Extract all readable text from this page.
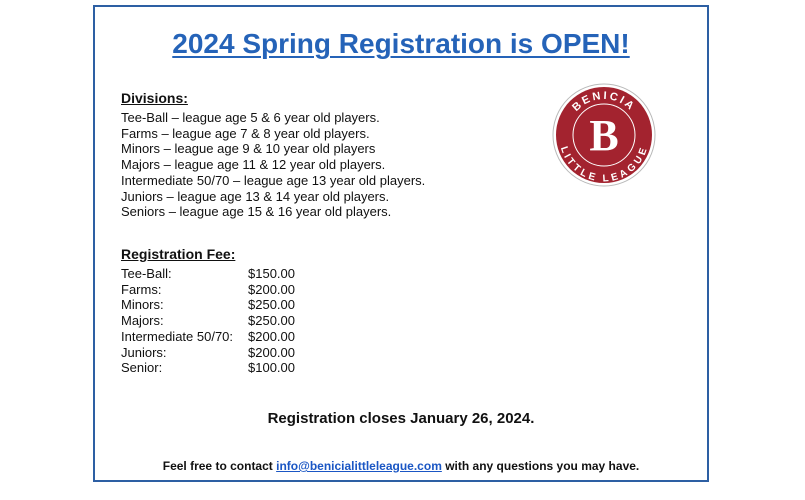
2024 Spring Registration is OPEN!

Divisions:

Tee-Ball – league age 5 & 6 year old players.
Farms – league age 7 & 8 year old players.
Minors – league age 9 & 10 year old players
Majors – league age 11 & 12 year old players.
Intermediate 50/70 – league age 13 year old players.
Juniors – league age 13 & 14 year old players.
Seniors – league age 15 & 16 year old players.

Registration Fee:

Tee-Ball:	$150.00
Farms:	$200.00
Minors:	$250.00
Majors:	$250.00
Intermediate 50/70:	$200.00
Juniors:	$200.00
Senior:	$100.00

Registration closes January 26, 2024.

Feel free to contact info@benicialittleleague.com with any questions you may have.

BENICIA
LITTLE LEAGUE
B
